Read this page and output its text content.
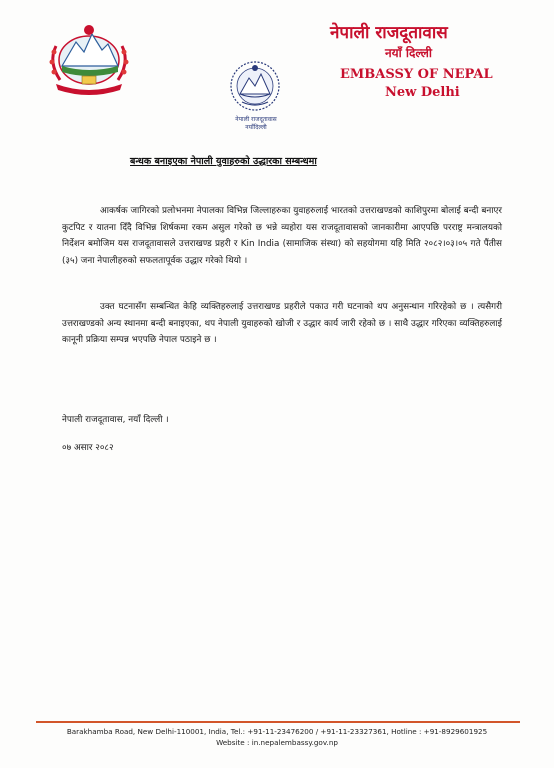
नेपाली राजदूतावास
नयाँदिल्ली
नेपाली राजदूतावास
नयाँ दिल्ली
EMBASSY OF NEPAL
New Delhi
बन्धक बनाइएका नेपाली युवाहरुको उद्धारका सम्बन्धमा
आकर्षक जागिरको प्रलोभनमा नेपालका विभिन्न जिल्लाहरुका युवाहरुलाई भारतको उत्तराखण्डको काशिपुरमा बोलाई बन्दी बनाएर कुटपिट र यातना दिँदै विभिन्न शिर्षकमा रकम असुल गरेको छ भन्ने व्यहोरा यस राजदूतावासको जानकारीमा आएपछि परराष्ट्र मन्त्रालयको निर्देशन बमोजिम यस राजदूतावासले उत्तराखण्ड प्रहरी र Kin India (सामाजिक संस्था) को सहयोगमा यहि मिति २०८२।०३।०५ गते पैंतीस (३५) जना नेपालीहरुको सफलतापूर्वक उद्धार गरेको थियो ।
उक्त घटनासँग सम्बन्धित केहि व्यक्तिहरुलाई उत्तराखण्ड प्रहरीले पकाउ गरी घटनाको थप अनुसन्धान गरिरहेको छ । त्यसैगरी उत्तराखण्डको अन्य स्थानमा बन्दी बनाइएका, थप नेपाली युवाहरुको खोजी र उद्धार कार्य जारी रहेको छ । साथै उद्धार गरिएका व्यक्तिहरुलाई कानूनी प्रक्रिया सम्पन्न भएपछि नेपाल पठाइने छ ।
नेपाली राजदूतावास, नयाँ दिल्ली ।
०७ असार २०८२
Barakhamba Road, New Delhi-110001, India, Tel.: +91-11-23476200 / +91-11-23327361, Hotline : +91-8929601925
Website : in.nepalembassy.gov.np
